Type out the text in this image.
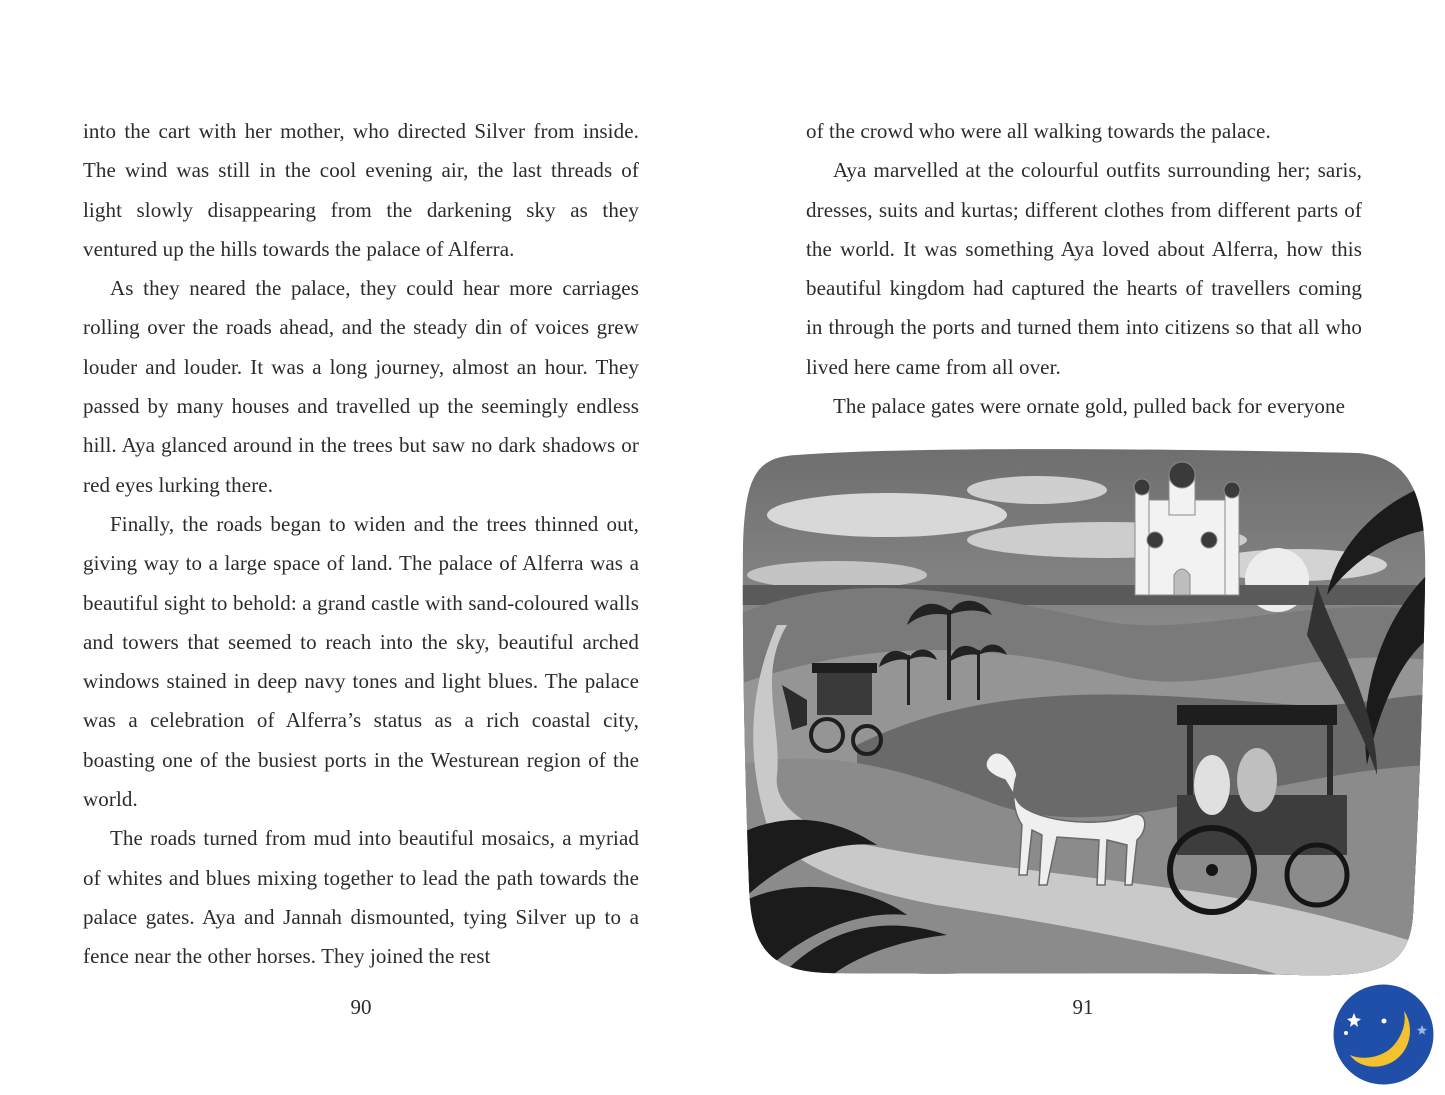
into the cart with her mother, who directed Silver from inside. The wind was still in the cool evening air, the last threads of light slowly disappearing from the darkening sky as they ventured up the hills towards the palace of Alferra.

As they neared the palace, they could hear more carriages rolling over the roads ahead, and the steady din of voices grew louder and louder. It was a long journey, almost an hour. They passed by many houses and travelled up the seemingly endless hill. Aya glanced around in the trees but saw no dark shadows or red eyes lurking there.

Finally, the roads began to widen and the trees thinned out, giving way to a large space of land. The palace of Alferra was a beautiful sight to behold: a grand castle with sand-coloured walls and towers that seemed to reach into the sky, beautiful arched windows stained in deep navy tones and light blues. The palace was a celebration of Alferra’s status as a rich coastal city, boasting one of the busiest ports in the Westurean region of the world.

The roads turned from mud into beautiful mosaics, a myriad of whites and blues mixing together to lead the path towards the palace gates. Aya and Jannah dismounted, tying Silver up to a fence near the other horses. They joined the rest

90

of the crowd who were all walking towards the palace.

Aya marvelled at the colourful outfits surrounding her; saris, dresses, suits and kurtas; different clothes from different parts of the world. It was something Aya loved about Alferra, how this beautiful kingdom had captured the hearts of travellers coming in through the ports and turned them into citizens so that all who lived here came from all over.

The palace gates were ornate gold, pulled back for everyone

91
